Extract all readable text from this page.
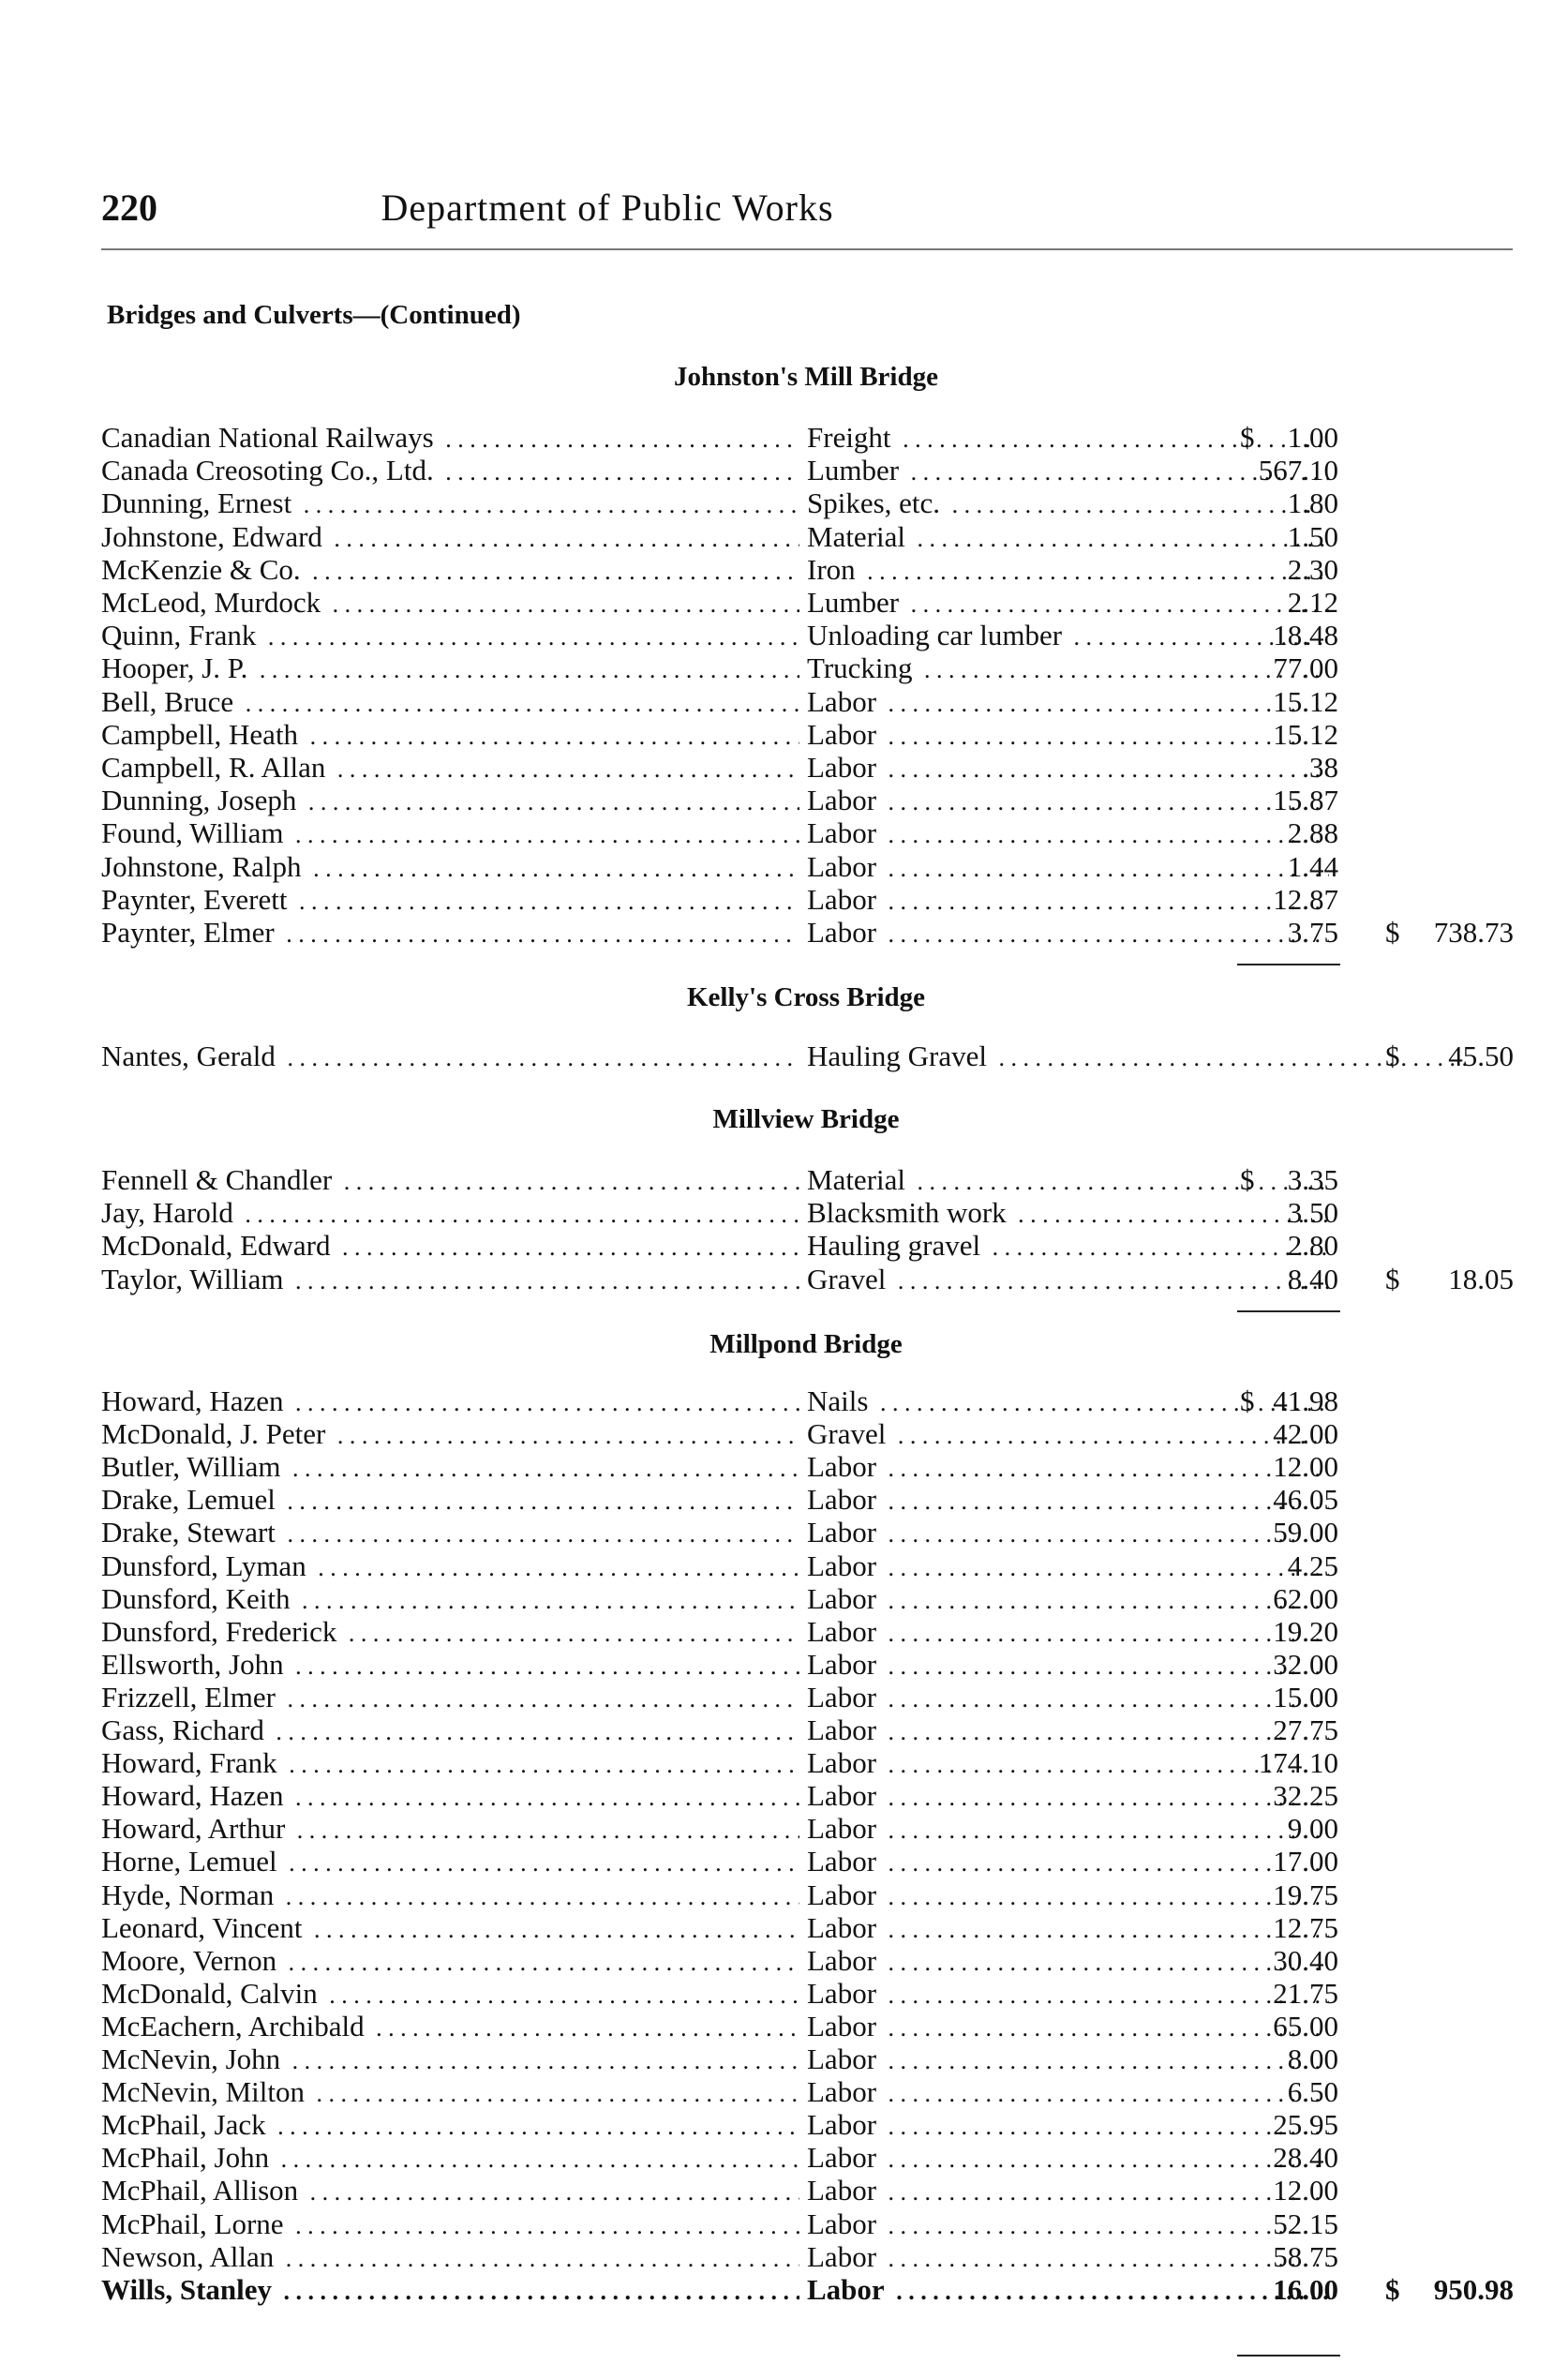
220	Department of Public Works
Bridges and Culverts—(Continued)
Johnston's Mill Bridge
Canadian National Railways . . .	Freight . . .	$	1.00
Canada Creosoting Co., Ltd. . . .	Lumber . . .	567.10
Dunning, Ernest . . .	Spikes, etc. . . .	1.80
Johnstone, Edward . . .	Material . . .	1.50
McKenzie & Co. . . .	Iron . . .	2.30
McLeod, Murdock . . .	Lumber . . .	2.12
Quinn, Frank . . .	Unloading car lumber . . .	18.48
Hooper, J. P. . . .	Trucking . . .	77.00
Bell, Bruce . . .	Labor . . .	15.12
Campbell, Heath . . .	Labor . . .	15.12
Campbell, R. Allan . . .	Labor . . .	.38
Dunning, Joseph . . .	Labor . . .	15.87
Found, William . . .	Labor . . .	2.88
Johnstone, Ralph . . .	Labor . . .	1.44
Paynter, Everett . . .	Labor . . .	12.87
Paynter, Elmer . . .	Labor . . .	3.75 $	738.73
Kelly's Cross Bridge
Nantes, Gerald . . .	Hauling Gravel . . .	$	45.50
Millview Bridge
Fennell & Chandler . . .	Material . . .	$	3.35
Jay, Harold . . .	Blacksmith work . . .	3.50
McDonald, Edward . . .	Hauling gravel . . .	2.80
Taylor, William . . .	Gravel . . .	8.40 $	18.05
Millpond Bridge
Howard, Hazen . . .	Nails . . .	$ 41.98
McDonald, J. Peter . . .	Gravel . . .	42.00
Butler, William . . .	Labor . . .	12.00
Drake, Lemuel . . .	Labor . . .	46.05
Drake, Stewart . . .	Labor . . .	59.00
Dunsford, Lyman . . .	Labor . . .	4.25
Dunsford, Keith . . .	Labor . . .	62.00
Dunsford, Frederick . . .	Labor . . .	19.20
Ellsworth, John . . .	Labor . . .	32.00
Frizzell, Elmer . . .	Labor . . .	15.00
Gass, Richard . . .	Labor . . .	27.75
Howard, Frank . . .	Labor . . .	174.10
Howard, Hazen . . .	Labor . . .	32.25
Howard, Arthur . . .	Labor . . .	9.00
Horne, Lemuel . . .	Labor . . .	17.00
Hyde, Norman . . .	Labor . . .	19.75
Leonard, Vincent . . .	Labor . . .	12.75
Moore, Vernon . . .	Labor . . .	30.40
McDonald, Calvin . . .	Labor . . .	21.75
McEachern, Archibald . . .	Labor . . .	65.00
McNevin, John . . .	Labor . . .	8.00
McNevin, Milton . . .	Labor . . .	6.50
McPhail, Jack . . .	Labor . . .	25.95
McPhail, John . . .	Labor . . .	28.40
McPhail, Allison . . .	Labor . . .	12.00
McPhail, Lorne . . .	Labor . . .	52.15
Newson, Allan . . .	Labor . . .	58.75
Wills, Stanley . . .	Labor . . .	16.00 $	950.98
